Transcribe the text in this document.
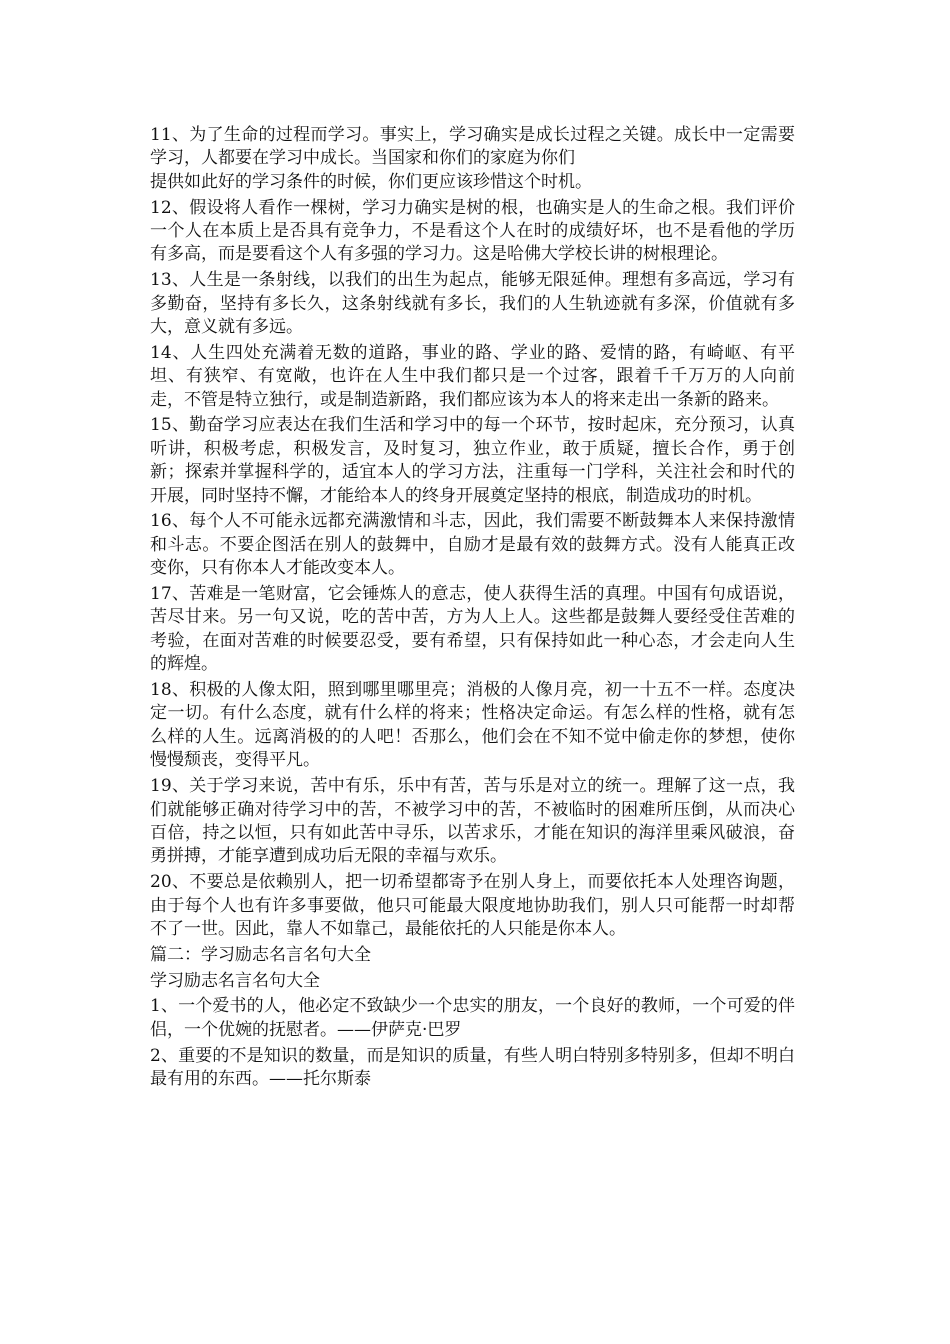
11、为了生命的过程而学习。事实上，学习确实是成长过程之关键。成长中一定需要学习，人都要在学习中成长。当国家和你们的家庭为你们

提供如此好的学习条件的时候，你们更应该珍惜这个时机。

12、假设将人看作一棵树，学习力确实是树的根，也确实是人的生命之根。我们评价一个人在本质上是否具有竞争力，不是看这个人在时的成绩好坏，也不是看他的学历有多高，而是要看这个人有多强的学习力。这是哈佛大学校长讲的树根理论。

13、人生是一条射线，以我们的出生为起点，能够无限延伸。理想有多高远，学习有多勤奋，坚持有多长久，这条射线就有多长，我们的人生轨迹就有多深，价值就有多大，意义就有多远。

14、人生四处充满着无数的道路，事业的路、学业的路、爱情的路，有崎岖、有平坦、有狭窄、有宽敞，也许在人生中我们都只是一个过客，跟着千千万万的人向前走，不管是特立独行，或是制造新路，我们都应该为本人的将来走出一条新的路来。

15、勤奋学习应表达在我们生活和学习中的每一个环节，按时起床，充分预习，认真听讲，积极考虑，积极发言，及时复习，独立作业，敢于质疑，擅长合作，勇于创新；探索并掌握科学的，适宜本人的学习方法，注重每一门学科，关注社会和时代的开展，同时坚持不懈，才能给本人的终身开展奠定坚持的根底，制造成功的时机。

16、每个人不可能永远都充满激情和斗志，因此，我们需要不断鼓舞本人来保持激情和斗志。不要企图活在别人的鼓舞中，自励才是最有效的鼓舞方式。没有人能真正改变你，只有你本人才能改变本人。

17、苦难是一笔财富，它会锤炼人的意志，使人获得生活的真理。中国有句成语说，苦尽甘来。另一句又说，吃的苦中苦，方为人上人。这些都是鼓舞人要经受住苦难的考验，在面对苦难的时候要忍受，要有希望，只有保持如此一种心态，才会走向人生的辉煌。

18、积极的人像太阳，照到哪里哪里亮；消极的人像月亮，初一十五不一样。态度决定一切。有什么态度，就有什么样的将来；性格决定命运。有怎么样的性格，就有怎么样的人生。远离消极的的人吧！否那么，他们会在不知不觉中偷走你的梦想，使你慢慢颓丧，变得平凡。

19、关于学习来说，苦中有乐，乐中有苦，苦与乐是对立的统一。理解了这一点，我们就能够正确对待学习中的苦，不被学习中的苦，不被临时的困难所压倒，从而决心百倍，持之以恒，只有如此苦中寻乐，以苦求乐，才能在知识的海洋里乘风破浪，奋勇拼搏，才能享遭到成功后无限的幸福与欢乐。

20、不要总是依赖别人，把一切希望都寄予在别人身上，而要依托本人处理咨询题，由于每个人也有许多事要做，他只可能最大限度地协助我们，别人只可能帮一时却帮不了一世。因此，靠人不如靠己，最能依托的人只能是你本人。

篇二：学习励志名言名句大全

学习励志名言名句大全

1、一个爱书的人，他必定不致缺少一个忠实的朋友，一个良好的教师，一个可爱的伴侣，一个优婉的抚慰者。——伊萨克·巴罗

2、重要的不是知识的数量，而是知识的质量，有些人明白特别多特别多，但却不明白最有用的东西。——托尔斯泰
